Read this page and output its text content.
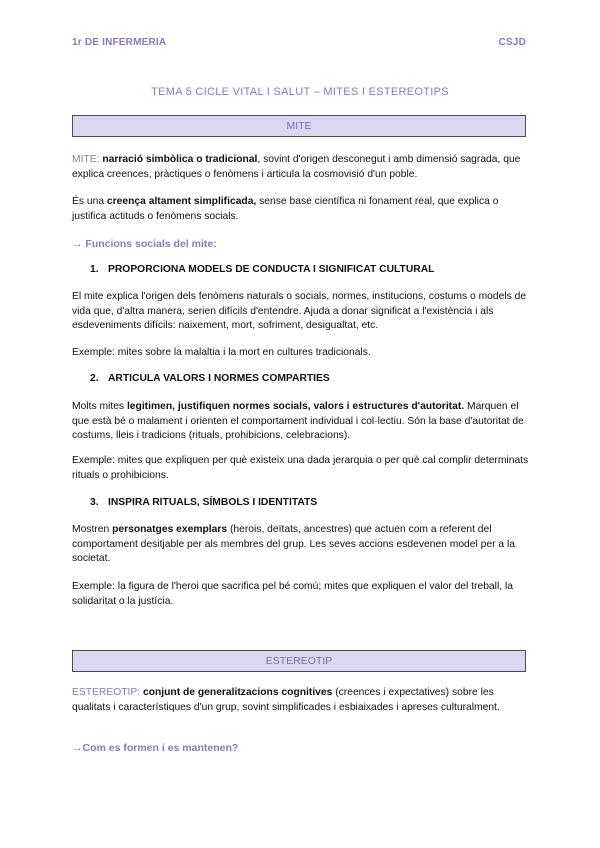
1r DE INFERMERIA	CSJD
TEMA 5 CICLE VITAL I SALUT – MITES I ESTEREOTIPS
MITE
MITE: narració simbòlica o tradicional, sovint d'origen desconegut i amb dimensió sagrada, que explica creences, pràctiques o fenòmens i articula la cosmovisió d'un poble.
És una creença altament simplificada, sense base científica ni fonament real, que explica o justifica actituds o fenòmens socials.
→ Funcions socials del mite:
1. PROPORCIONA MODELS DE CONDUCTA I SIGNIFICAT CULTURAL
El mite explica l'origen dels fenòmens naturals o socials, normes, institucions, costums o models de vida que, d'altra manera, serien difícils d'entendre. Ajuda a donar significat a l'existència i als esdeveniments difícils: naixement, mort, sofriment, desigualtat, etc.
Exemple: mites sobre la malaltia i la mort en cultures tradicionals.
2. ARTICULA VALORS I NORMES COMPARTIES
Molts mites legitimen, justifiquen normes socials, valors i estructures d'autoritat. Marquen el que està bé o malament i orienten el comportament individual i col·lectiu. Són la base d'autoritat de costums, lleis i tradicions (rituals, prohibicions, celebracions).
Exemple: mites que expliquen per què existeix una dada jerarquia o per què cal complir determinats rituals o prohibicions.
3. INSPIRA RITUALS, SÍMBOLS I IDENTITATS
Mostren personatges exemplars (herois, deïtats, ancestres) que actuen com a referent del comportament desitjable per als membres del grup. Les seves accions esdevenen model per a la societat.
Exemple: la figura de l'heroi que sacrifica pel bé comú; mites que expliquen el valor del treball, la solidaritat o la justícia.
ESTEREOTIP
ESTEREOTIP: conjunt de generalitzacions cognitives (creences i expectatives) sobre les qualitats i característiques d'un grup, sovint simplificades i esbiaixades i apreses culturalment.
→Com es formen i es mantenen?
